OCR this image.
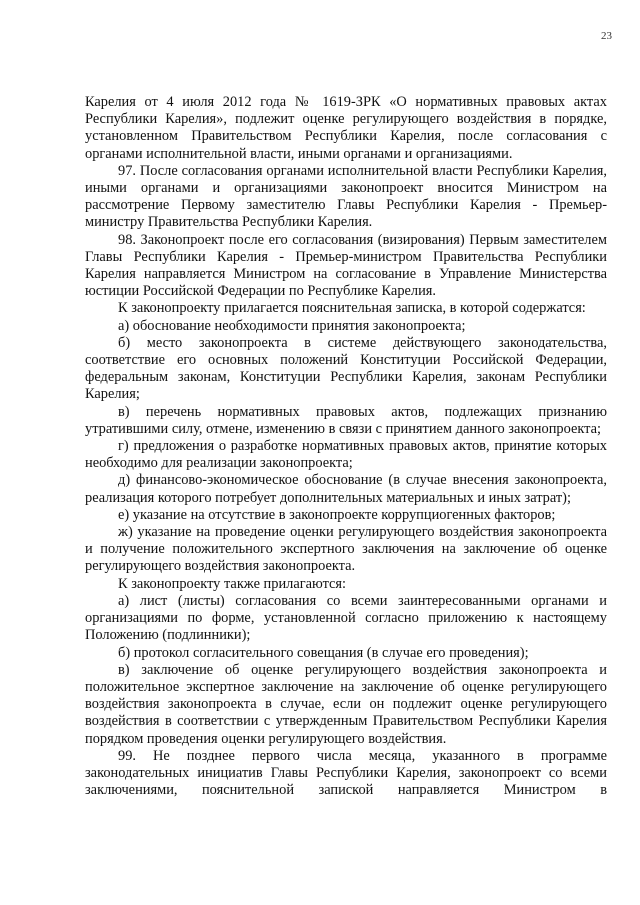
23

Карелия от 4 июля 2012 года № 1619-ЗРК «О нормативных правовых актах Республики Карелия», подлежит оценке регулирующего воздействия в порядке, установленном Правительством Республики Карелия, после согласования с органами исполнительной власти, иными органами и организациями.

97. После согласования органами исполнительной власти Республики Карелия, иными органами и организациями законопроект вносится Министром на рассмотрение Первому заместителю Главы Республики Карелия - Премьер-министру Правительства Республики Карелия.

98. Законопроект после его согласования (визирования) Первым заместителем Главы Республики Карелия - Премьер-министром Правительства Республики Карелия направляется Министром на согласование в Управление Министерства юстиции Российской Федерации по Республике Карелия.

К законопроекту прилагается пояснительная записка, в которой содержатся:

а) обоснование необходимости принятия законопроекта;

б) место законопроекта в системе действующего законодательства, соответствие его основных положений Конституции Российской Федерации, федеральным законам, Конституции Республики Карелия, законам Республики Карелия;

в) перечень нормативных правовых актов, подлежащих признанию утратившими силу, отмене, изменению в связи с принятием данного законопроекта;

г) предложения о разработке нормативных правовых актов, принятие которых необходимо для реализации законопроекта;

д) финансово-экономическое обоснование (в случае внесения законопроекта, реализация которого потребует дополнительных материальных и иных затрат);

е) указание на отсутствие в законопроекте коррупциогенных факторов;

ж) указание на проведение оценки регулирующего воздействия законопроекта и получение положительного экспертного заключения на заключение об оценке регулирующего воздействия законопроекта.

К законопроекту также прилагаются:

а) лист (листы) согласования со всеми заинтересованными органами и организациями по форме, установленной согласно приложению к настоящему Положению (подлинники);

б) протокол согласительного совещания (в случае его проведения);

в) заключение об оценке регулирующего воздействия законопроекта и положительное экспертное заключение на заключение об оценке регулирующего воздействия законопроекта в случае, если он подлежит оценке регулирующего воздействия в соответствии с утвержденным Правительством Республики Карелия порядком проведения оценки регулирующего воздействия.

99. Не позднее первого числа месяца, указанного в программе законодательных инициатив Главы Республики Карелия, законопроект со всеми заключениями, пояснительной запиской направляется Министром в
